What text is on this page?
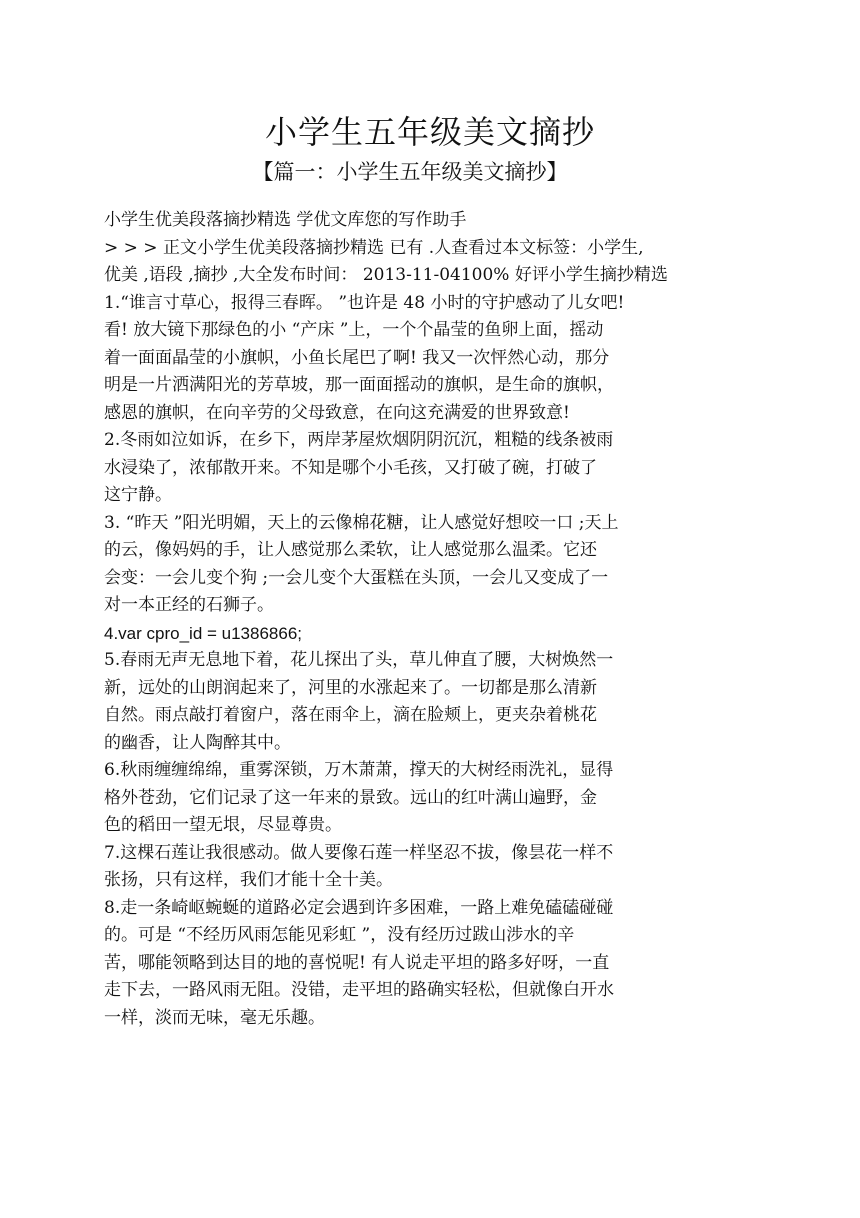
小学生五年级美文摘抄
【篇一：小学生五年级美文摘抄】
小学生优美段落摘抄精选 学优文库您的写作助手
> > > 正文小学生优美段落摘抄精选 已有 .人查看过本文标签：小学生,
优美 ,语段 ,摘抄 ,大全发布时间： 2013-11-04100% 好评小学生摘抄精选
1.“谁言寸草心，报得三春晖。 ”也许是 48 小时的守护感动了儿女吧!
看! 放大镜下那绿色的小 “产床 ”上，一个个晶莹的鱼卵上面，摇动
着一面面晶莹的小旗帜，小鱼长尾巴了啊! 我又一次怦然心动，那分
明是一片洒满阳光的芳草坡，那一面面摇动的旗帜，是生命的旗帜，
感恩的旗帜，在向辛劳的父母致意，在向这充满爱的世界致意!
2.冬雨如泣如诉，在乡下，两岸茅屋炊烟阴阴沉沉，粗糙的线条被雨
水浸染了，浓郁散开来。不知是哪个小毛孩，又打破了碗，打破了
这宁静。
3. “昨天 ”阳光明媚，天上的云像棉花糖，让人感觉好想咬一口 ;天上
的云，像妈妈的手，让人感觉那么柔软，让人感觉那么温柔。它还
会变：一会儿变个狗 ;一会儿变个大蛋糕在头顶，一会儿又变成了一
对一本正经的石狮子。
4.var cpro_id = u1386866;
5.春雨无声无息地下着，花儿探出了头，草儿伸直了腰，大树焕然一
新，远处的山朗润起来了，河里的水涨起来了。一切都是那么清新
自然。雨点敲打着窗户，落在雨伞上，滴在脸颊上，更夹杂着桃花
的幽香，让人陶醉其中。
6.秋雨缠缠绵绵，重雾深锁，万木萧萧，撑天的大树经雨洗礼，显得
格外苍劲，它们记录了这一年来的景致。远山的红叶满山遍野，金
色的稻田一望无垠，尽显尊贵。
7.这棵石莲让我很感动。做人要像石莲一样坚忍不拔，像昙花一样不
张扬，只有这样，我们才能十全十美。
8.走一条崎岖蜿蜒的道路必定会遇到许多困难，一路上难免磕磕碰碰
的。可是 “不经历风雨怎能见彩虹 ”，没有经历过跋山涉水的辛
苦，哪能领略到达目的地的喜悦呢! 有人说走平坦的路多好呀，一直
走下去，一路风雨无阻。没错，走平坦的路确实轻松，但就像白开水
一样，淡而无味，毫无乐趣。
